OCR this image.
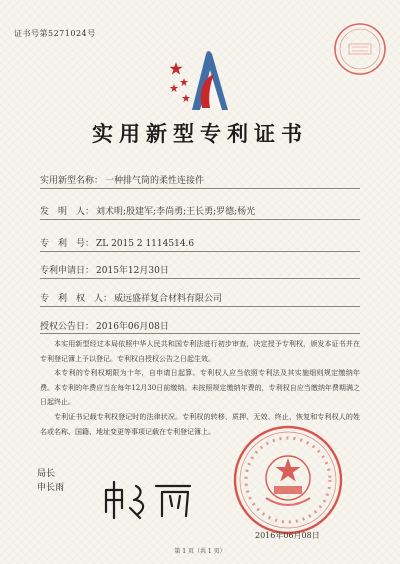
证书号第5271024号
实用新型专利证书
实用新型名称： 一种排气筒的柔性连接件
发　明　人： 刘术明;殷建军;李尚勇;王长勇;罗德;杨光
专　利　号： ZL 2015 2 1114514.6
专利申请日： 2015年12月30日
专　利　权　人： 威远盛祥复合材料有限公司
授权公告日： 2016年06月08日

本实用新型经过本局依照中华人民共和国专利法进行初步审查，决定授予专利权，颁发本证书并在专利登记簿上予以登记。专利权自授权公告之日起生效。

本专利的专利权期限为十年，自申请日起算。专利权人应当依照专利法及其实施细则规定缴纳年费。本专利的年费应当在每年12月30日前缴纳。未按照规定缴纳年费的，专利权自应当缴纳年费期满之日起终止。

专利证书记载专利权登记时的法律状况。专利权的转移、质押、无效、终止、恢复和专利权人的姓名或名称、国籍、地址变更等事项记载在专利登记簿上。

局长
申长雨
2016年06月08日
第 1 页（共 1 页）
